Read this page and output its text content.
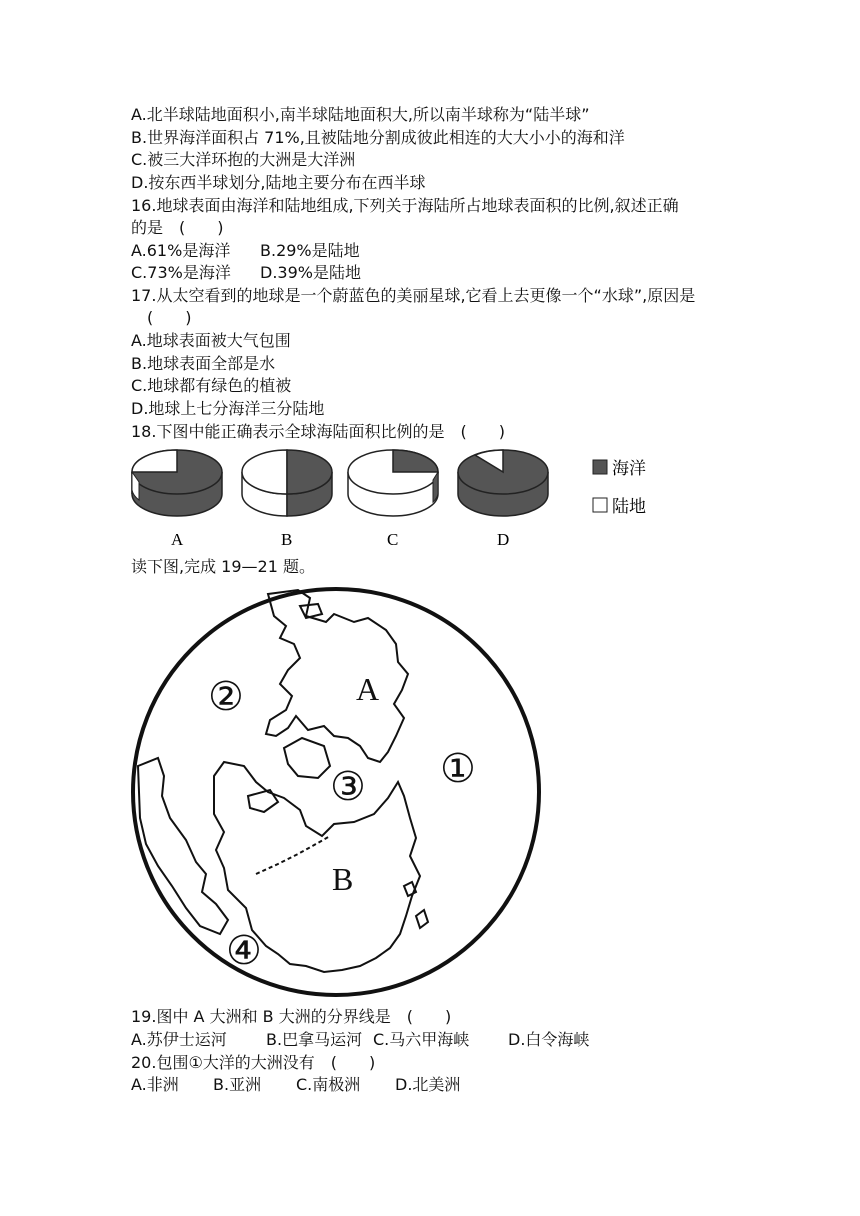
A.北半球陆地面积小,南半球陆地面积大,所以南半球称为“陆半球”
B.世界海洋面积占 71%,且被陆地分割成彼此相连的大大小小的海和洋
C.被三大洋环抱的大洲是大洋洲
D.按东西半球划分,陆地主要分布在西半球
16.地球表面由海洋和陆地组成,下列关于海陆所占地球表面积的比例,叙述正确
的是　(　　)
A.61%是海洋 B.29%是陆地
C.73%是海洋 D.39%是陆地
17.从太空看到的地球是一个蔚蓝色的美丽星球,它看上去更像一个“水球”,原因是
　(　　)
A.地球表面被大气包围
B.地球表面全部是水
C.地球都有绿色的植被
D.地球上七分海洋三分陆地
18.下图中能正确表示全球海陆面积比例的是　(　　)
A	B	C	D
海洋
陆地
读下图,完成 19—21 题。
A
B
①
②
③
④
19.图中 A 大洲和 B 大洲的分界线是　(　　)
A.苏伊士运河 B.巴拿马运河 C.马六甲海峡 D.白令海峡
20.包围①大洋的大洲没有　(　　)
A.非洲 B.亚洲 C.南极洲 D.北美洲
